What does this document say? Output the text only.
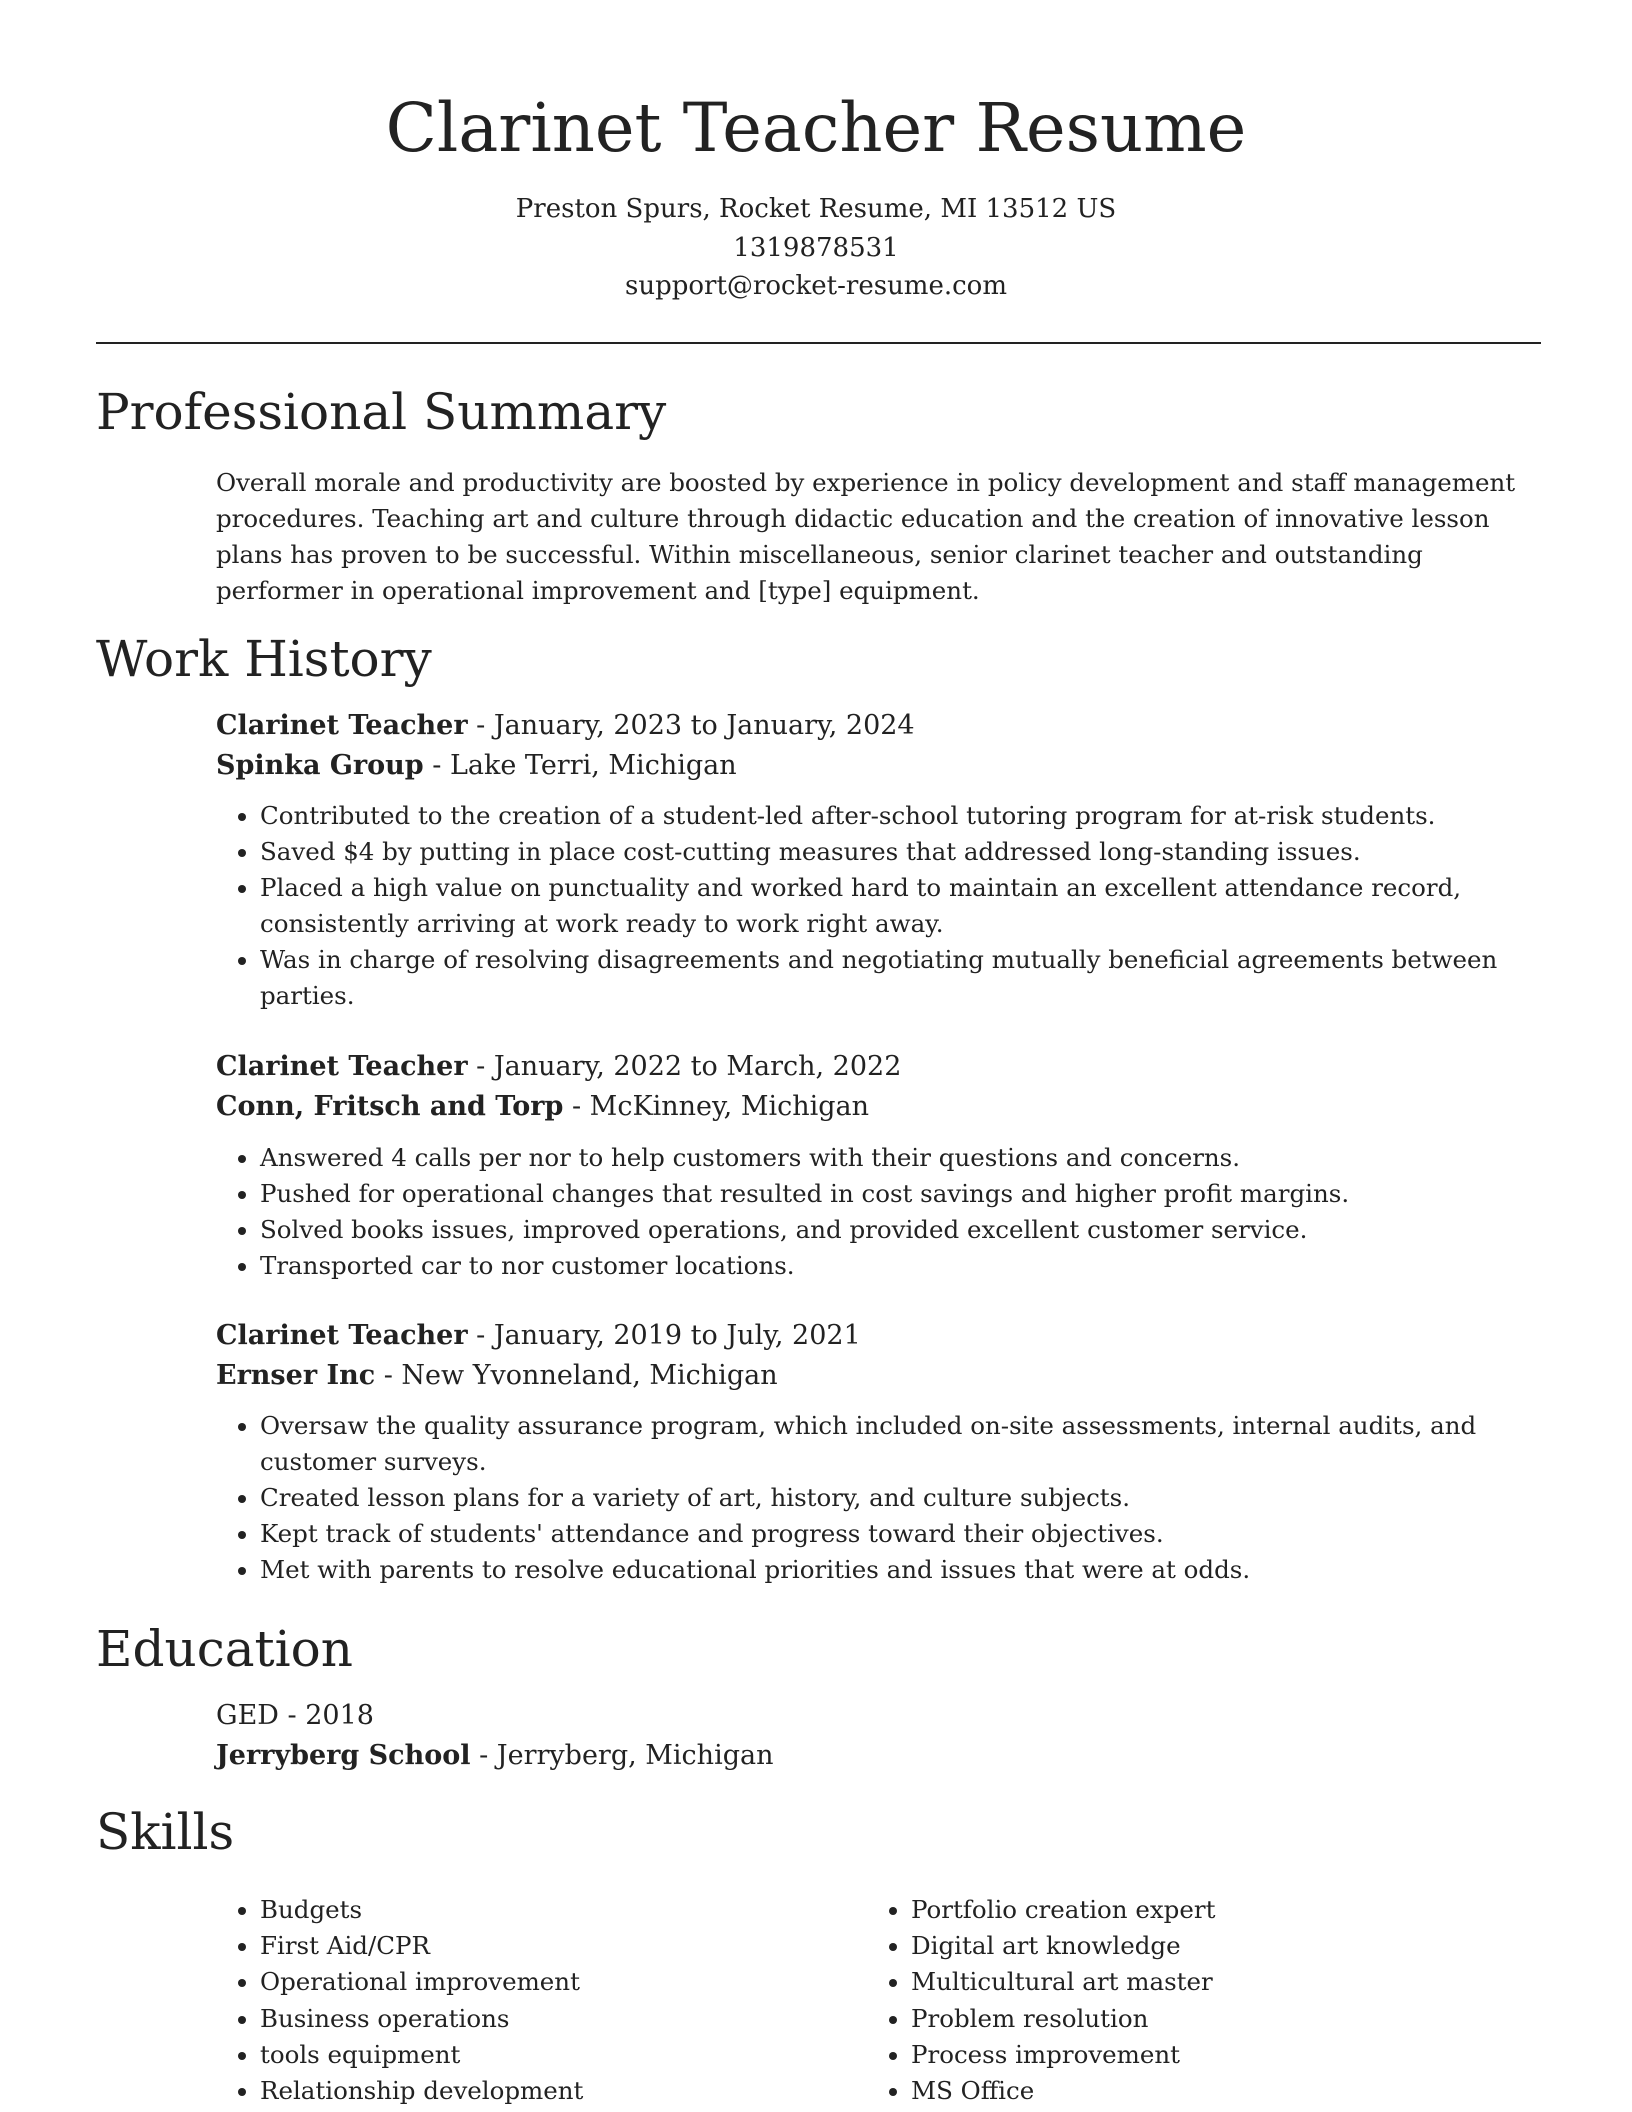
Clarinet Teacher Resume
Preston Spurs, Rocket Resume, MI 13512 US
1319878531
support@rocket-resume.com
Professional Summary

Overall morale and productivity are boosted by experience in policy development and staff management procedures. Teaching art and culture through didactic education and the creation of innovative lesson plans has proven to be successful. Within miscellaneous, senior clarinet teacher and outstanding performer in operational improvement and [type] equipment.

Work History
Clarinet Teacher - January, 2023 to January, 2024
Spinka Group - Lake Terri, Michigan
• Contributed to the creation of a student-led after-school tutoring program for at-risk students.
• Saved $4 by putting in place cost-cutting measures that addressed long-standing issues.
• Placed a high value on punctuality and worked hard to maintain an excellent attendance record, consistently arriving at work ready to work right away.
• Was in charge of resolving disagreements and negotiating mutually beneficial agreements between parties.
Clarinet Teacher - January, 2022 to March, 2022
Conn, Fritsch and Torp - McKinney, Michigan
• Answered 4 calls per nor to help customers with their questions and concerns.
• Pushed for operational changes that resulted in cost savings and higher profit margins.
• Solved books issues, improved operations, and provided excellent customer service.
• Transported car to nor customer locations.
Clarinet Teacher - January, 2019 to July, 2021
Ernser Inc - New Yvonneland, Michigan
• Oversaw the quality assurance program, which included on-site assessments, internal audits, and customer surveys.
• Created lesson plans for a variety of art, history, and culture subjects.
• Kept track of students' attendance and progress toward their objectives.
• Met with parents to resolve educational priorities and issues that were at odds.
Education
GED - 2018
Jerryberg School - Jerryberg, Michigan
Skills
• Budgets
• First Aid/CPR
• Operational improvement
• Business operations
• tools equipment
• Relationship development
• Portfolio creation expert
• Digital art knowledge
• Multicultural art master
• Problem resolution
• Process improvement
• MS Office
